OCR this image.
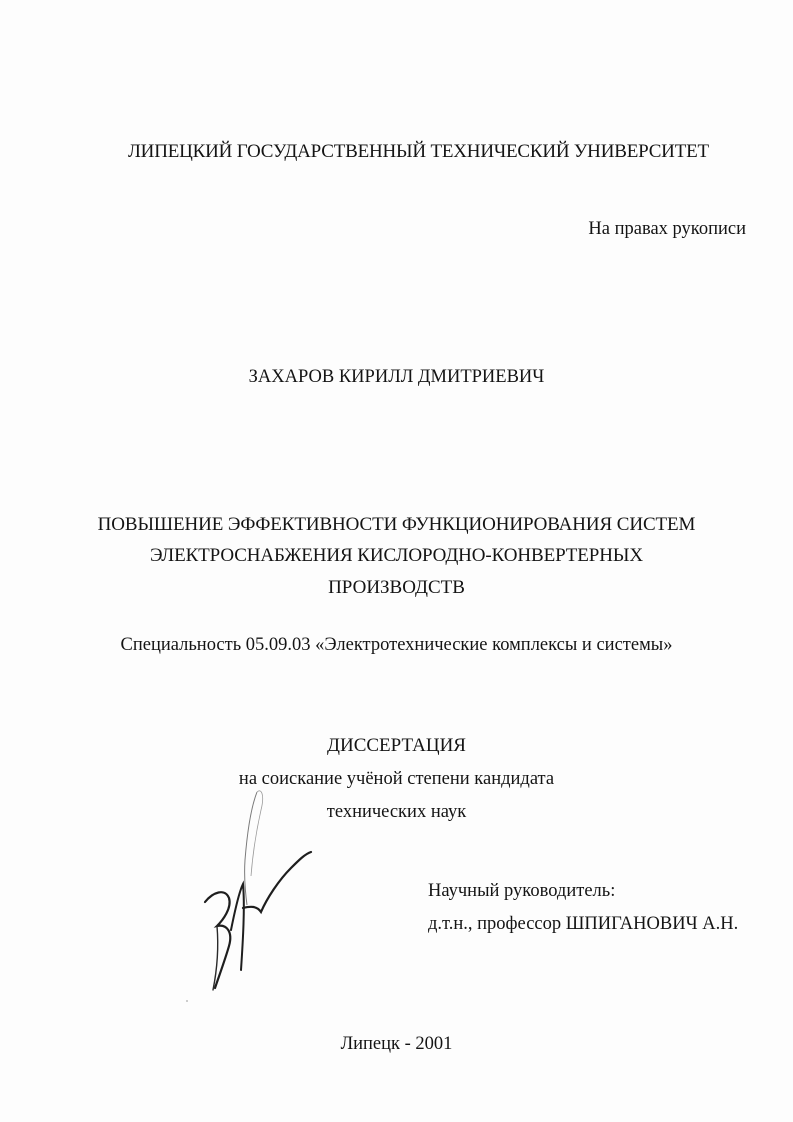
ЛИПЕЦКИЙ ГОСУДАРСТВЕННЫЙ ТЕХНИЧЕСКИЙ УНИВЕРСИТЕТ
На правах рукописи
ЗАХАРОВ КИРИЛЛ ДМИТРИЕВИЧ
ПОВЫШЕНИЕ ЭФФЕКТИВНОСТИ ФУНКЦИОНИРОВАНИЯ СИСТЕМ
ЭЛЕКТРОСНАБЖЕНИЯ КИСЛОРОДНО-КОНВЕРТЕРНЫХ
ПРОИЗВОДСТВ
Специальность 05.09.03 «Электротехнические комплексы и системы»
ДИССЕРТАЦИЯ
на соискание учёной степени кандидата
технических наук
Научный руководитель:
д.т.н., профессор ШПИГАНОВИЧ А.Н.
Липецк - 2001
